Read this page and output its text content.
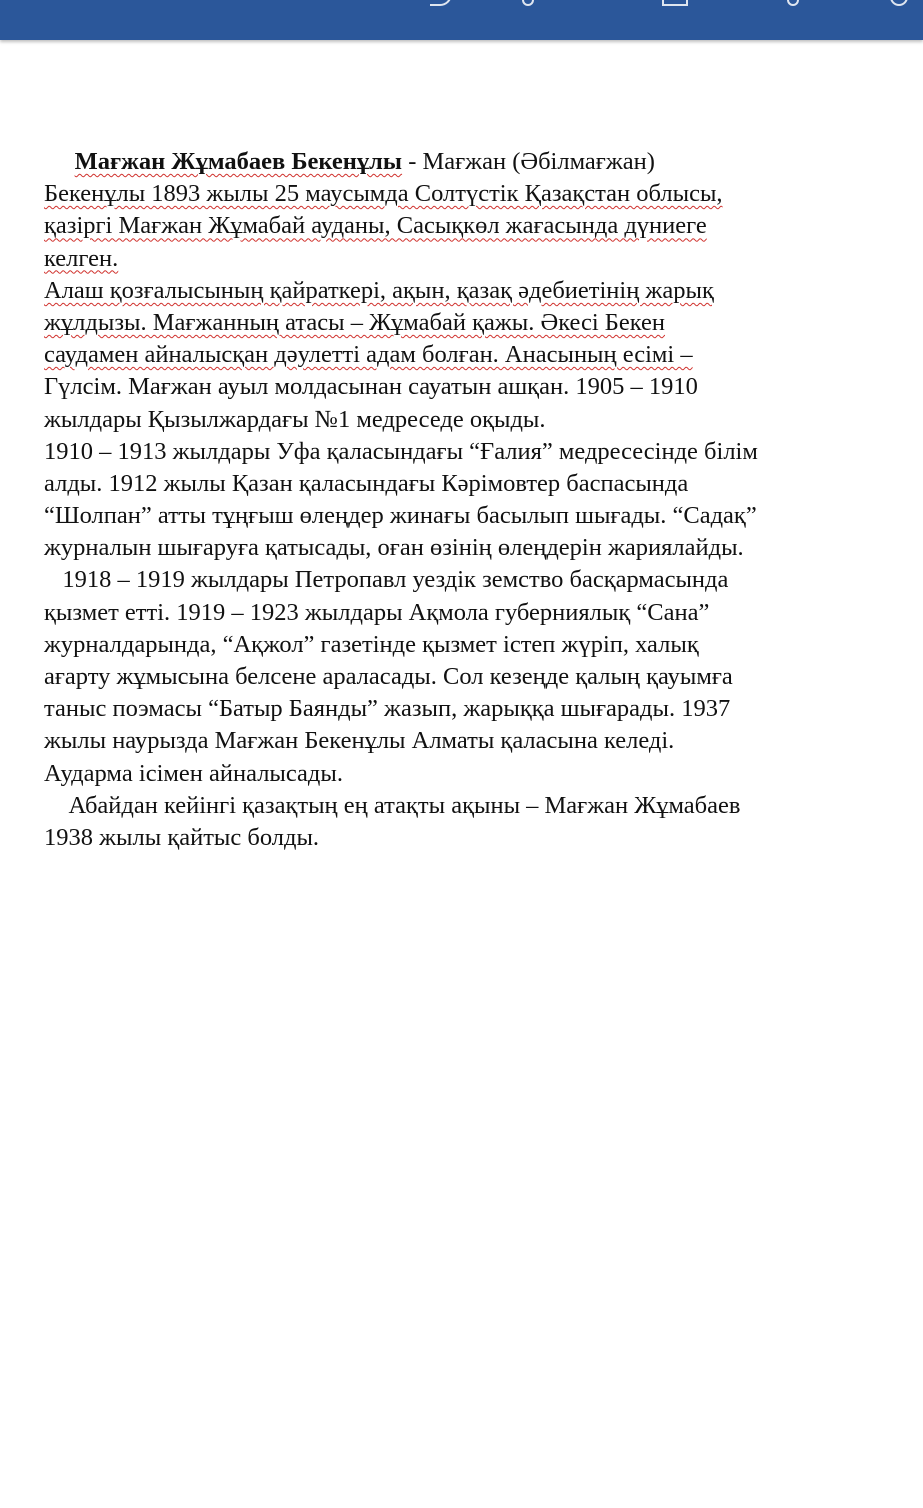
Мағжан Жұмабаев Бекенұлы - Мағжан (Әбілмағжан)
Бекенұлы 1893 жылы 25 маусымда Солтүстік Қазақстан облысы,
қазіргі Мағжан Жұмабай ауданы, Сасықкөл жағасында дүниеге
келген.
Алаш қозғалысының қайраткері, ақын, қазақ әдебиетінің жарық
жұлдызы. Мағжанның атасы – Жұмабай қажы. Әкесі Бекен
саудамен айналысқан дәулетті адам болған. Анасының есімі –
Гүлсім. Мағжан ауыл молдасынан сауатын ашқан. 1905 – 1910
жылдары Қызылжардағы №1 медреседе оқыды.
1910 – 1913 жылдары Уфа қаласындағы “Ғалия” медресесінде білім
алды. 1912 жылы Қазан қаласындағы Кәрімовтер баспасында
“Шолпан” атты тұңғыш өлеңдер жинағы басылып шығады. “Садақ”
журналын шығаруға қатысады, оған өзінің өлеңдерін жариялайды.
1918 – 1919 жылдары Петропавл уездік земство басқармасында
қызмет етті. 1919 – 1923 жылдары Ақмола губерниялық “Сана”
журналдарында, “Ақжол” газетінде қызмет істеп жүріп, халық
ағарту жұмысына белсене араласады. Сол кезеңде қалың қауымға
таныс поэмасы “Батыр Баянды” жазып, жарыққа шығарады. 1937
жылы наурызда Мағжан Бекенұлы Алматы қаласына келеді.
Аудармa ісімен айналысады.
Абайдан кейінгі қазақтың ең атақты ақыны – Мағжан Жұмабаев
1938 жылы қайтыс болды.
